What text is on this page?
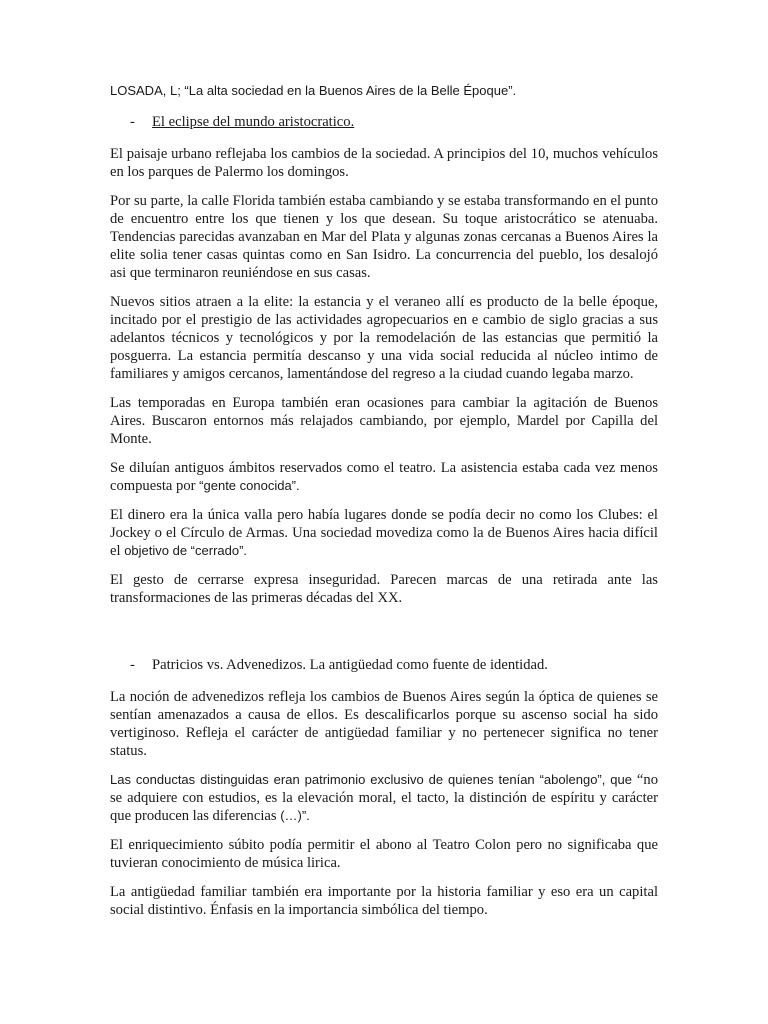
LOSADA, L; “La alta sociedad en la Buenos Aires de la Belle Époque”.
-	El eclipse del mundo aristocratico.

El paisaje urbano reflejaba los cambios de la sociedad. A principios del 10, muchos vehículos en los parques de Palermo los domingos.

Por su parte, la calle Florida también estaba cambiando y se estaba transformando en el punto de encuentro entre los que tienen y los que desean. Su toque aristocrático se atenuaba. Tendencias parecidas avanzaban en Mar del Plata y algunas zonas cercanas a Buenos Aires la elite solia tener casas quintas como en San Isidro. La concurrencia del pueblo, los desalojó asi que terminaron reuniéndose en sus casas.

Nuevos sitios atraen a la elite: la estancia y el veraneo allí es producto de la belle époque, incitado por el prestigio de las actividades agropecuarios en e cambio de siglo gracias a sus adelantos técnicos y tecnológicos y por la remodelación de las estancias que permitió la posguerra. La estancia permitía descanso y una vida social reducida al núcleo intimo de familiares y amigos cercanos, lamentándose del regreso a la ciudad cuando legaba marzo.

Las temporadas en Europa también eran ocasiones para cambiar la agitación de Buenos Aires. Buscaron entornos más relajados cambiando, por ejemplo, Mardel por Capilla del Monte.

Se diluían antiguos ámbitos reservados como el teatro. La asistencia estaba cada vez menos compuesta por “gente conocida”.

El dinero era la única valla pero había lugares donde se podía decir no como los Clubes: el Jockey o el Círculo de Armas. Una sociedad movediza como la de Buenos Aires hacia difícil el objetivo de “cerrado”.

El gesto de cerrarse expresa inseguridad. Parecen marcas de una retirada ante las transformaciones de las primeras décadas del XX.

-	Patricios vs. Advenedizos. La antigüedad como fuente de identidad.

La noción de advenedizos refleja los cambios de Buenos Aires según la óptica de quienes se sentían amenazados a causa de ellos. Es descalificarlos porque su ascenso social ha sido vertiginoso. Refleja el carácter de antigüedad familiar y no pertenecer significa no tener status.

Las conductas distinguidas eran patrimonio exclusivo de quienes tenían “abolengo”, que “no se adquiere con estudios, es la elevación moral, el tacto, la distinción de espíritu y carácter que producen las diferencias (…)”.

El enriquecimiento súbito podía permitir el abono al Teatro Colon pero no significaba que tuvieran conocimiento de música lirica.

La antigüedad familiar también era importante por la historia familiar y eso era un capital social distintivo. Énfasis en la importancia simbólica del tiempo.
